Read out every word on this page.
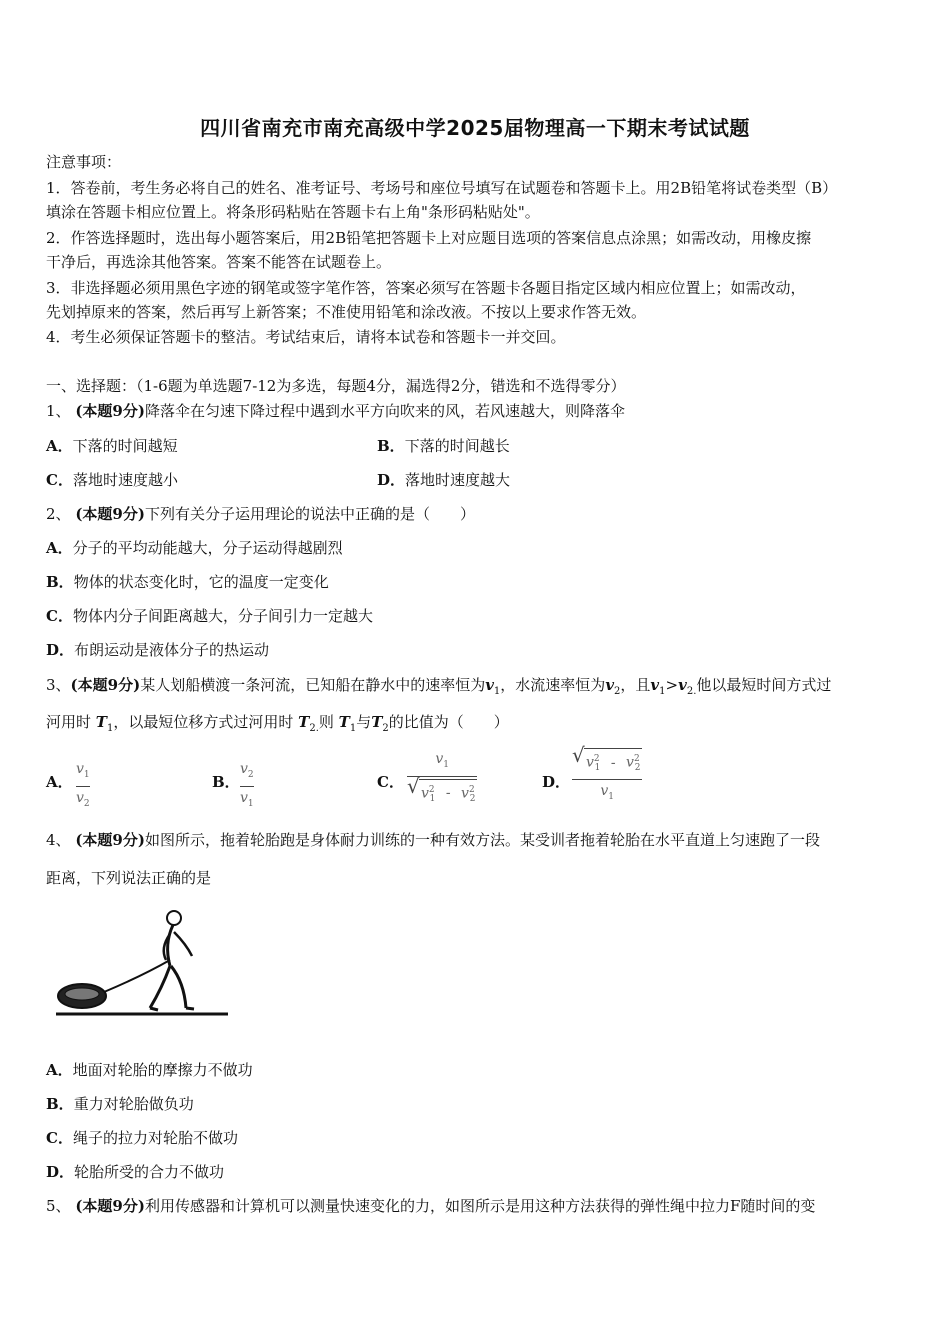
四川省南充市南充高级中学2025届物理高一下期末考试试题
注意事项：
1．答卷前，考生务必将自己的姓名、准考证号、考场号和座位号填写在试题卷和答题卡上。用2B铅笔将试卷类型（B）
填涂在答题卡相应位置上。将条形码粘贴在答题卡右上角"条形码粘贴处"。
2．作答选择题时，选出每小题答案后，用2B铅笔把答题卡上对应题目选项的答案信息点涂黑；如需改动，用橡皮擦
干净后，再选涂其他答案。答案不能答在试题卷上。
3．非选择题必须用黑色字迹的钢笔或签字笔作答，答案必须写在答题卡各题目指定区域内相应位置上；如需改动，
先划掉原来的答案，然后再写上新答案；不准使用铅笔和涂改液。不按以上要求作答无效。
4．考生必须保证答题卡的整洁。考试结束后，请将本试卷和答题卡一并交回。
一、选择题：（1-6题为单选题7-12为多选，每题4分，漏选得2分，错选和不选得零分）
1、 (本题9分)降落伞在匀速下降过程中遇到水平方向吹来的风，若风速越大，则降落伞
A．下落的时间越短	B．下落的时间越长
C．落地时速度越小	D．落地时速度越大
2、 (本题9分)下列有关分子运用理论的说法中正确的是（　　）
A．分子的平均动能越大，分子运动得越剧烈
B．物体的状态变化时，它的温度一定变化
C．物体内分子间距离越大，分子间引力一定越大
D．布朗运动是液体分子的热运动
3、(本题9分)某人划船横渡一条河流，已知船在静水中的速率恒为$v_1$，水流速率恒为$v_2$，且$v_1>v_{2.}$他以最短时间方式过
河用时 $T_1$，以最短位移方式过河用时 $T_{2.}$则 $T_1$与$T_2$的比值为（　　）
A．
$v_1$
$v_2$
B．
$v_2$
$v_1$
C．
$v_1$
√ $v^2_1 - v^2_2$
D．
√ $v^2_1 - v^2_2$
$v_1$
4、 (本题9分)如图所示，拖着轮胎跑是身体耐力训练的一种有效方法。某受训者拖着轮胎在水平直道上匀速跑了一段
距离，下列说法正确的是
A．地面对轮胎的摩擦力不做功
B．重力对轮胎做负功
C．绳子的拉力对轮胎不做功
D．轮胎所受的合力不做功
5、 (本题9分)利用传感器和计算机可以测量快速变化的力，如图所示是用这种方法获得的弹性绳中拉力F随时间的变
